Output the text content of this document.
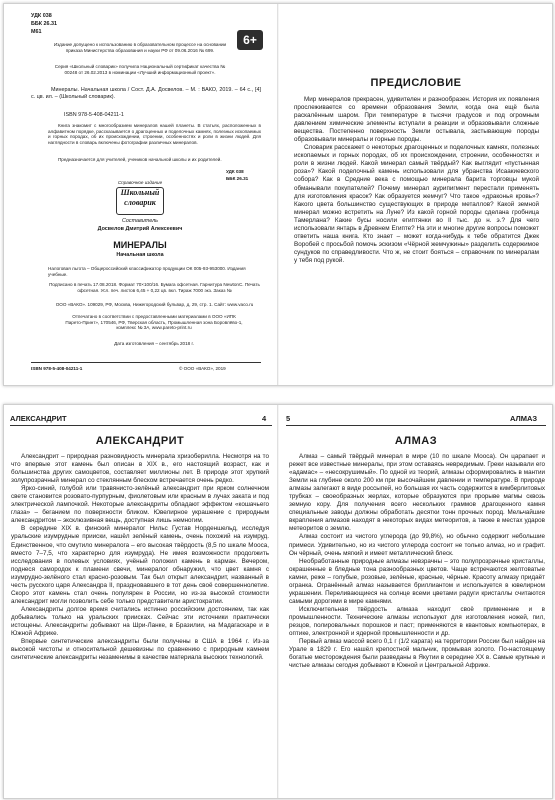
УДК 038

ББК 26.31

М61

6+

Издание допущено к использованию в образовательном процессе на основании приказа Министерства образования и науки РФ от 09.06.2016 № 699.

Серия «Школьный словарик» получила Национальный сертификат качества № 00248 от 26.02.2013 в номинации «Лучший информационный проект».

Минералы. Начальная школа / Сост. Д.А. Досвелов. – М. : ВАКО, 2019. – 64 с., [4] с. цв. ил. – (Школьный словарик).

ISBN 978-5-408-04211-1

Книга знакомит с многообразием минералов нашей планеты. В статьях, расположенных в алфавитном порядке, рассказывается о драгоценных и поделочных камнях, полезных ископаемых и горных породах, об их происхождении, строении, особенностях и роли в жизни людей. Для наглядности в словарь включены фотографии различных минералов.

Предназначается для учителей, учеников начальной школы и их родителей.

УДК 038

ББК 26.31

Справочное издание

Школьный
словарик

Составитель

Досвелов Дмитрий Алексеевич

МИНЕРАЛЫ

Начальная школа

Налоговая льгота – Общероссийский классификатор продукции ОК 005-93-953000. Издания учебные.

Подписано в печать 17.08.2018. Формат 70×100/16. Бумага офсетная. Гарнитура NewtonC. Печать офсетная. Усл. печ. листов 6,45 + 0,22 цв. вкл. Тираж 7000 экз. Заказ №

ООО «ВАКО». 109029, РФ, Москва, Нижегородский бульвар, д. 29, стр. 1. Сайт: www.vaco.ru

Отпечатано в соответствии с предоставленными материалами в ООО «ИПК Парето-Принт», 170546, РФ, Тверская область, Промышленная зона Боровлёво-1, комплекс № 3А, www.pareto-print.ru

Дата изготовления – сентябрь 2018 г.

ISBN 978-5-408-04211-1	© ООО «ВАКО», 2019

ПРЕДИСЛОВИЕ

Мир минералов прекрасен, удивителен и разнообразен. История их появления прослеживается со времени образования Земли, когда она ещё была раскалённым шаром. При температуре в тысячи градусов и под огромным давлением химические элементы вступали в реакции и образовывали сложные вещества. Постепенно поверхность Земли остывала, застывающие породы образовывали минералы и горные породы.

Словарик расскажет о некоторых драгоценных и поделочных камнях, полезных ископаемых и горных породах, об их происхождении, строении, особенностях и роли в жизни людей. Какой минерал самый твёрдый? Как выглядит «пустынная роза»? Какой поделочный камень использовали для убранства Исаакиевского собора? Как в Средние века с помощью минерала барита торговцы мукой обманывали покупателей? Почему минерал аурипигмент перестали применять для изготовления красок? Как образуется жемчуг? Что такое «драконья кровь»? Какого цвета большинство существующих в природе металлов? Какой земной минерал можно встретить на Луне? Из какой горной породы сделана гробница Тамерлана? Какие бусы носили египтянки во II тыс. до н. э.? Для чего использовали янтарь в Древнем Египте? На эти и многие другие вопросы поможет ответить наша книга. Кто знает – может когда-нибудь к тебе обратится Джек Воробей с просьбой помочь эскизом «Чёрной жемчужины» разделить содержимое сундуков по справедливости. Что ж, не стоит бояться – справочник по минералам у тебя под рукой.

АЛЕКСАНДРИТ	4

АЛЕКСАНДРИТ

Александрит – природная разновидность минерала хризоберилла. Несмотря на то что впервые этот камень был описан в XIX в., его настоящий возраст, как и большинства других самоцветов, составляет миллионы лет. В природе этот хрупкий золупрозрачный минерал со стеклянным блеском встречается очень редко.

Ярко-синий, голубой или травянисто-зелёный александрит при ярком солнечном свете становится розовато-пурпурным, фиолетовым или красным в лучах заката и под электрической лампочкой. Некоторые александриты обладают эффектом «кошачьего глаза» – беганием по поверхности бликом. Ювелирное украшение с природным александритом – эксклюзивная вещь, доступная лишь немногим.

В середине XIX в. финский минералог Нильс Густав Норденшельд, исследуя уральские изумрудные прииски, нашёл зелёный камень, очень похожий на изумруд. Единственное, что смутило минералога – его высокая твёрдость (8,5 по шкале Мооса, вместо 7–7,5, что характерно для изумруда). Не имея возможности продолжить исследования в полевых условиях, учёный положил камень в карман. Вечером, поднеся самородок к пламени свечи, минералог обнаружил, что цвет камня с изумрудно-зелёного стал красно-розовым. Так был открыт александрит, названный в честь русского царя Александра II, праздновавшего в тот день своё совершеннолетие. Скоро этот камень стал очень популярен в России, но из-за высокой стоимости александрит могли позволить себе только представители аристократии.

Александриты долгое время считались истинно российским достоянием, так как добывались только на уральских приисках. Сейчас эти источники практически истощены. Александриты добывают на Шри-Ланке, в Бразилии, на Мадагаскаре и в Южной Африке.

Впервые синтетические александриты были получены в США в 1964 г. Из-за высокой чистоты и относительной дешевизны по сравнению с природным камнем синтетические александриты незаменимы в качестве материала высоких технологий.

5	АЛМАЗ

АЛМАЗ

Алмаз – самый твёрдый минерал в мире (10 по шкале Мооса). Он царапает и режет все известные минералы, при этом оставаясь невредимым. Греки называли его «адамас» – «несокрушимый». По одной из теорий, алмазы сформировались в мантии Земли на глубине около 200 км при высочайшем давлении и температуре. В природе алмазы залегают в виде россыпей, но большая их часть содержится в кимберлитовых трубках – своеобразных жерлах, которые образуются при прорыве магмы сквозь земную кору. Для получения всего нескольких граммов драгоценного камня специальные заводы должны обработать десятки тонн прочных пород. Мельчайшие вкрапления алмазов находят в некоторых видах метеоритов, а также в местах ударов метеоритов о землю.

Алмаз состоит из чистого углерода (до 99,8%), но обычно содержит небольшие примеси. Удивительно, но из чистого углерода состоит не только алмаз, но и графит. Он чёрный, очень мягкий и имеет металлический блеск.

Необработанные природные алмазы невзрачны – это полупрозрачные кристаллы, окрашенные в бледные тона разнообразных цветов. Чаще встречаются желтоватые камни, реже – голубые, розовые, зелёные, красные, чёрные. Красоту алмазу придаёт огранка. Огранённый алмаз называется бриллиантом и используется в ювелирном украшении. Переливающиеся на солнце всеми цветами радуги кристаллы считаются самыми дорогими в мире камнями.

Исключительная твёрдость алмаза находит своё применение и в промышленности. Технические алмазы используют для изготовления ножей, пил, резцов, полировальных порошков и паст; применяются в квантовых компьютерах, в оптике, электронной и ядерной промышленности и др.

Первый алмаз массой всего 0,1 г (1/2 карата) на территории России был найден на Урале в 1829 г. Его нашёл крепостной мальчик, промывая золото. По-настоящему богатые месторождения были разведаны в Якутии в середине XX в. Самые крупные и чистые алмазы сегодня добывают в Южной и Центральной Африке.
